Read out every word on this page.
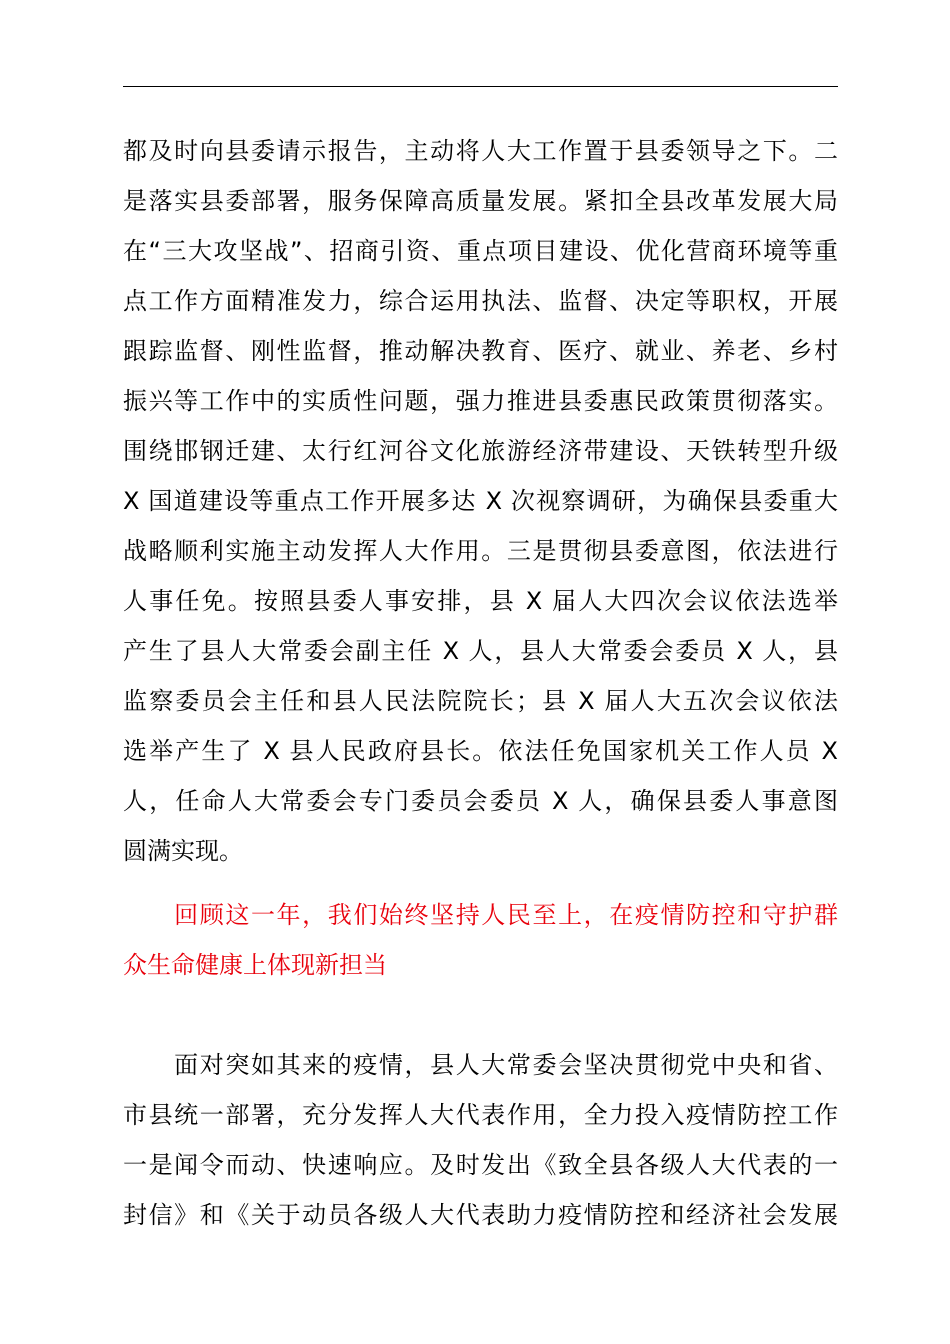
都及时向县委请示报告，主动将人大工作置于县委领导之下。二
是落实县委部署，服务保障高质量发展。紧扣全县改革发展大局
在“三大攻坚战”、招商引资、重点项目建设、优化营商环境等重
点工作方面精准发力，综合运用执法、监督、决定等职权，开展
跟踪监督、刚性监督，推动解决教育、医疗、就业、养老、乡村
振兴等工作中的实质性问题，强力推进县委惠民政策贯彻落实。
围绕邯钢迁建、太行红河谷文化旅游经济带建设、天铁转型升级
X 国道建设等重点工作开展多达 X 次视察调研，为确保县委重大
战略顺利实施主动发挥人大作用。三是贯彻县委意图，依法进行
人事任免。按照县委人事安排，县 X 届人大四次会议依法选举
产生了县人大常委会副主任 X 人，县人大常委会委员 X 人，县
监察委员会主任和县人民法院院长；县 X 届人大五次会议依法
选举产生了 X 县人民政府县长。依法任免国家机关工作人员 X
人，任命人大常委会专门委员会委员 X 人，确保县委人事意图
圆满实现。
　　回顾这一年，我们始终坚持人民至上，在疫情防控和守护群
众生命健康上体现新担当
　　面对突如其来的疫情，县人大常委会坚决贯彻党中央和省、
市县统一部署，充分发挥人大代表作用，全力投入疫情防控工作
一是闻令而动、快速响应。及时发出《致全县各级人大代表的一
封信》和《关于动员各级人大代表助力疫情防控和经济社会发展
